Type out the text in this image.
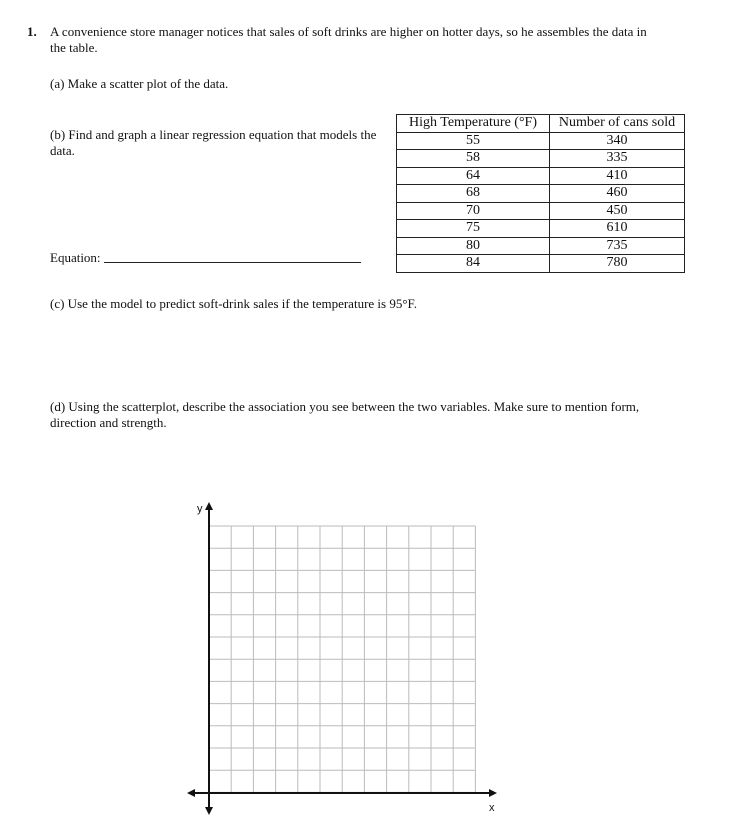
1. A convenience store manager notices that sales of soft drinks are higher on hotter days, so he assembles the data in the table.
(a) Make a scatter plot of the data.
(b) Find and graph a linear regression equation that models the data.
Equation:
High Temperature (°F)	Number of cans sold
55	340
58	335
64	410
68	460
70	450
75	610
80	735
84	780
(c) Use the model to predict soft-drink sales if the temperature is 95°F.
(d) Using the scatterplot, describe the association you see between the two variables. Make sure to mention form, direction and strength.
y
x
